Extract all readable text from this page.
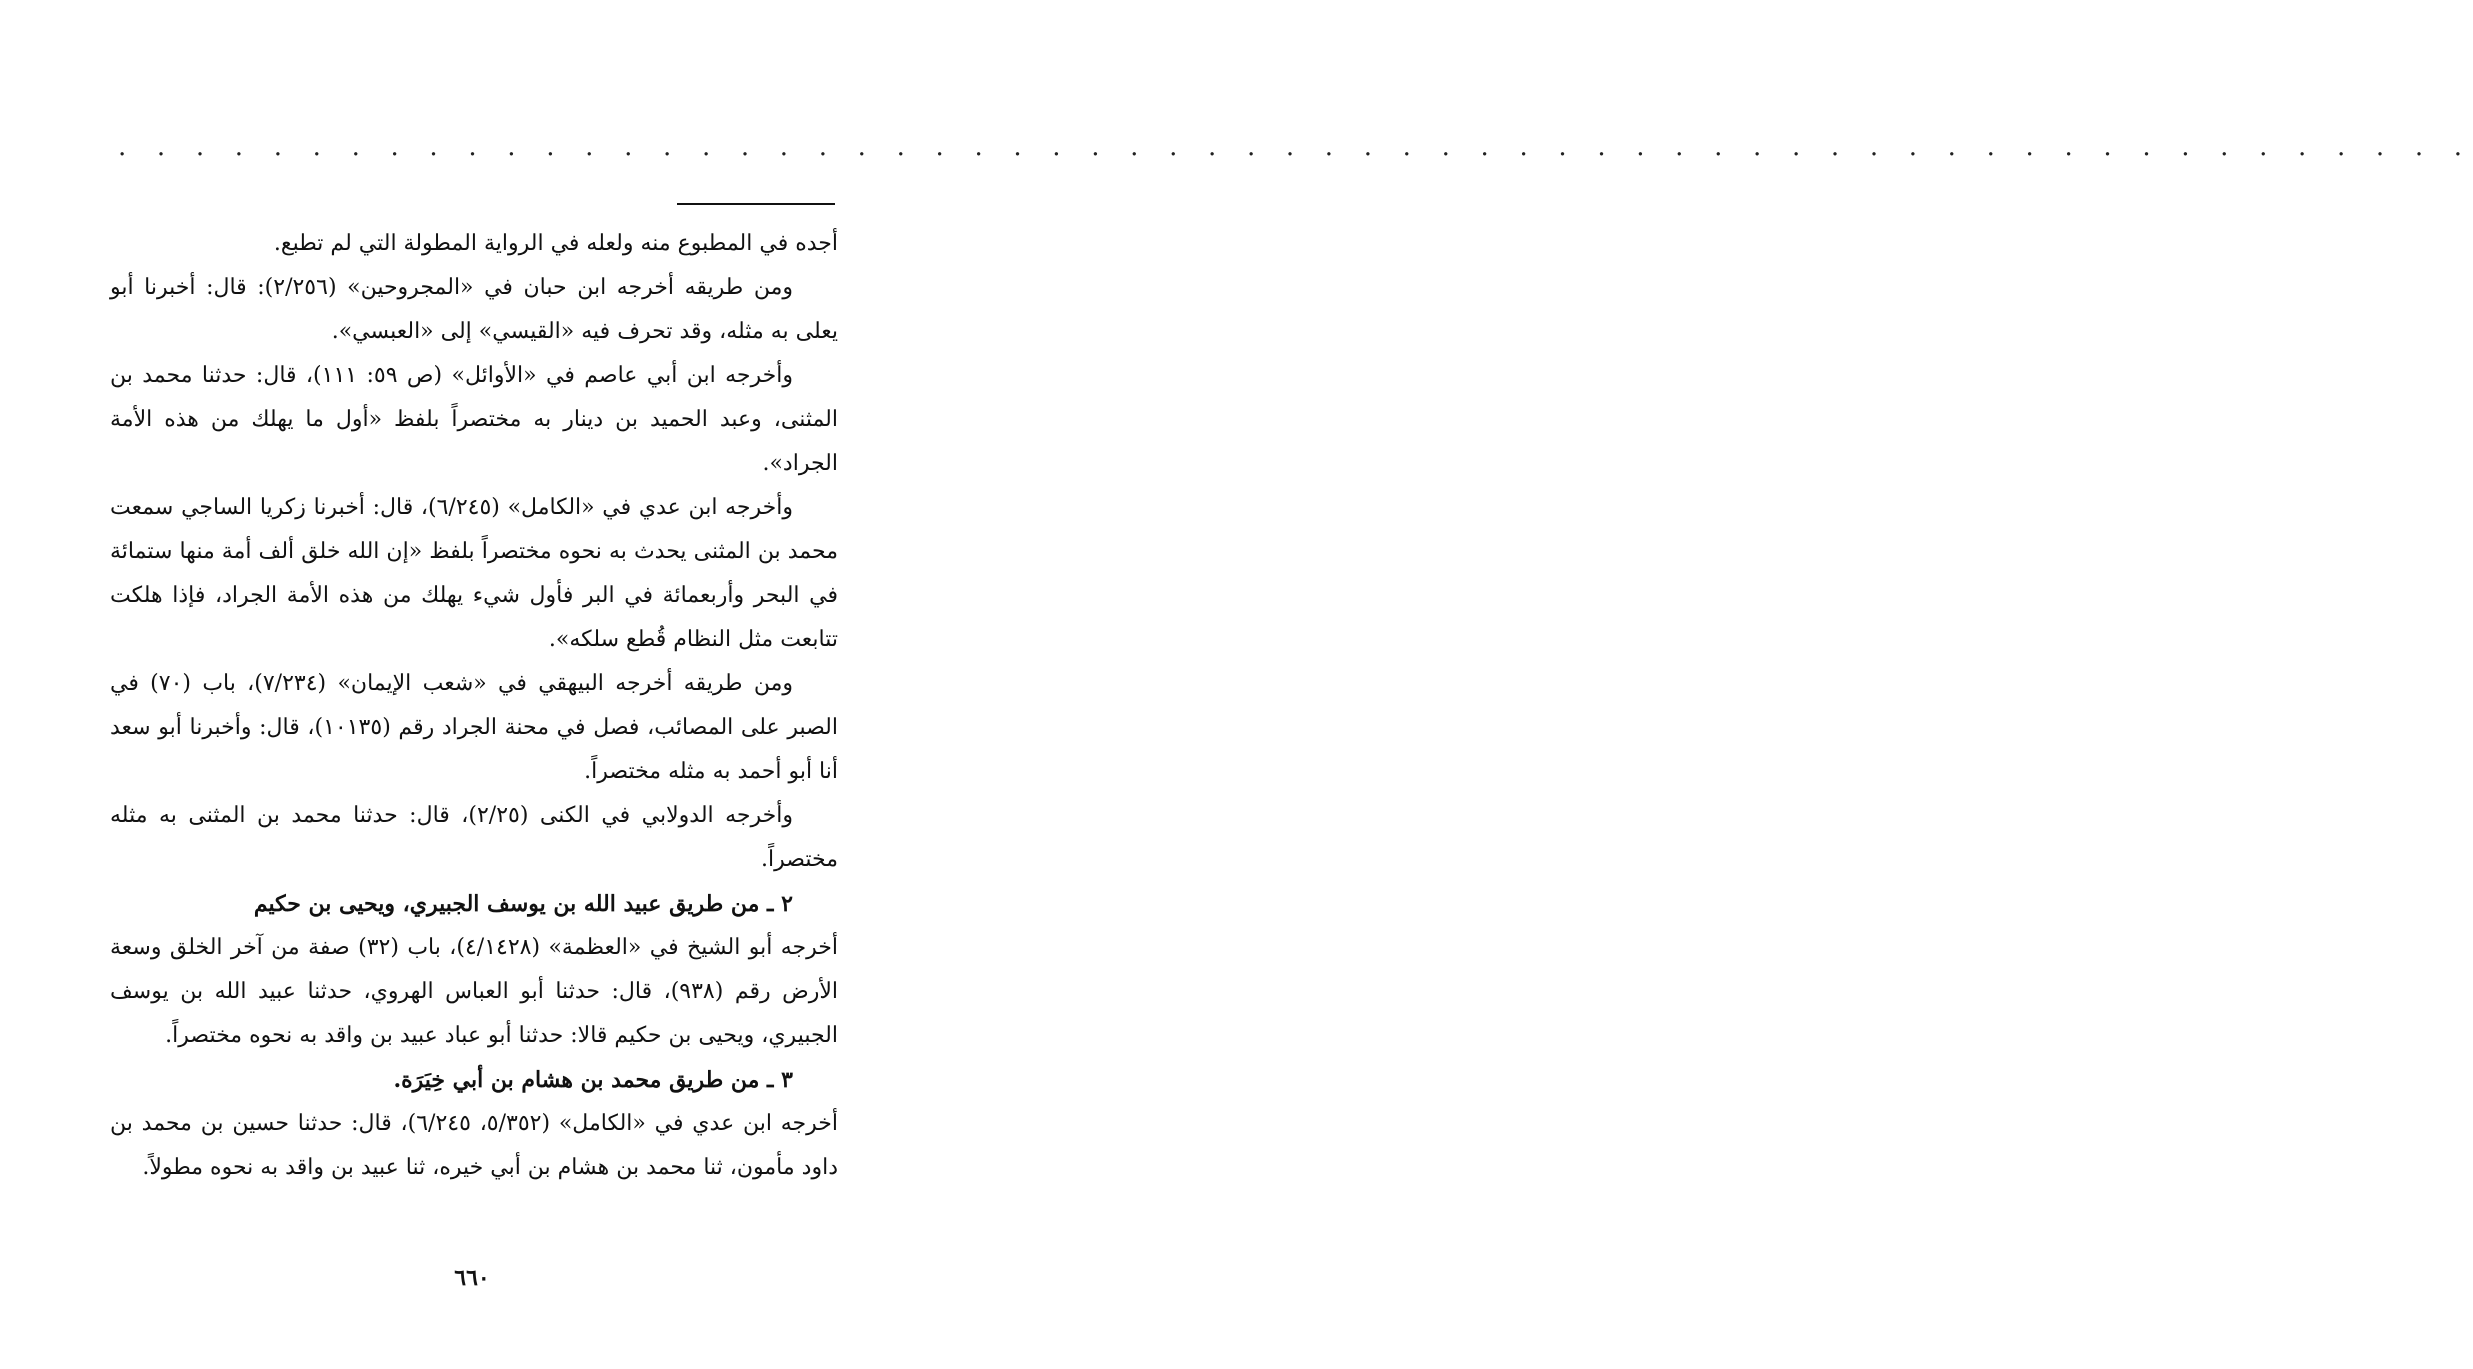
. . . . . . . . . . . . . . . . . . . . . . . . . . . . . . . . . . . . . . . . . . . . . . . . . . . . . . . . . . . . .

أجده في المطبوع منه ولعله في الرواية المطولة التي لم تطبع.

ومن طريقه أخرجه ابن حبان في «المجروحين» (٢/٢٥٦): قال: أخبرنا أبو يعلى به مثله، وقد تحرف فيه «القيسي» إلى «العبسي».

وأخرجه ابن أبي عاصم في «الأوائل» (ص ٥٩: ١١١)، قال: حدثنا محمد بن المثنى، وعبد الحميد بن دينار به مختصراً بلفظ «أول ما يهلك من هذه الأمة الجراد».

وأخرجه ابن عدي في «الكامل» (٦/٢٤٥)، قال: أخبرنا زكريا الساجي سمعت محمد بن المثنى يحدث به نحوه مختصراً بلفظ «إن الله خلق ألف أمة منها ستمائة في البحر وأربعمائة في البر فأول شيء يهلك من هذه الأمة الجراد، فإذا هلكت تتابعت مثل النظام قُطع سلكه».

ومن طريقه أخرجه البيهقي في «شعب الإيمان» (٧/٢٣٤)، باب (٧٠) في الصبر على المصائب، فصل في محنة الجراد رقم (١٠١٣٥)، قال: وأخبرنا أبو سعد أنا أبو أحمد به مثله مختصراً.

وأخرجه الدولابي في الكنى (٢/٢٥)، قال: حدثنا محمد بن المثنى به مثله مختصراً.

٢ ـ من طريق عبيد الله بن يوسف الجبيري، ويحيى بن حكيم

أخرجه أبو الشيخ في «العظمة» (٤/١٤٢٨)، باب (٣٢) صفة من آخر الخلق وسعة الأرض رقم (٩٣٨)، قال: حدثنا أبو العباس الهروي، حدثنا عبيد الله بن يوسف الجبيري، ويحيى بن حكيم قالا: حدثنا أبو عباد عبيد بن واقد به نحوه مختصراً.

٣ ـ من طريق محمد بن هشام بن أبي خِيَرَة.

أخرجه ابن عدي في «الكامل» (٥/٣٥٢، ٦/٢٤٥)، قال: حدثنا حسين بن محمد بن داود مأمون، ثنا محمد بن هشام بن أبي خيره، ثنا عبيد بن واقد به نحوه مطولاً.

٦٦٠
